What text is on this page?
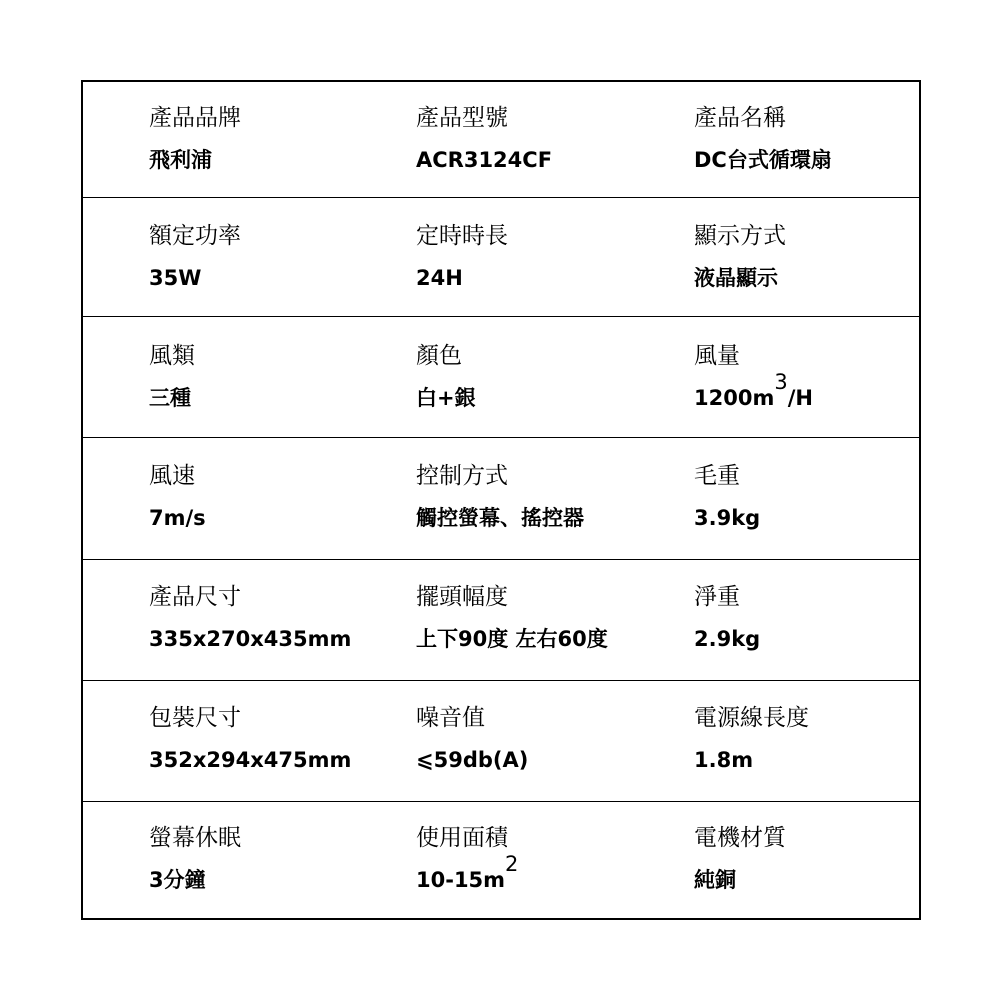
產品品牌
飛利浦
產品型號
ACR3124CF
產品名稱
DC台式循環扇
額定功率
35W
定時時長
24H
顯示方式
液晶顯示
風類
三種
顏色
白+銀
風量
$1200m^3/H$
風速
7m/s
控制方式
觸控螢幕、搖控器
毛重
3.9kg
產品尺寸
335x270x435mm
擺頭幅度
上下90度 左右60度
淨重
2.9kg
包裝尺寸
352x294x475mm
噪音值
⩽59db(A)
電源線長度
1.8m
螢幕休眠
3分鐘
使用面積
$10-15m^2$
電機材質
純銅
